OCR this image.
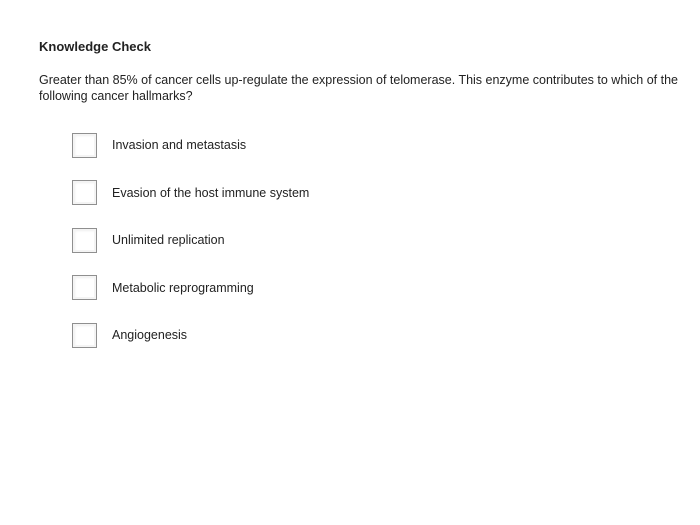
Knowledge Check
Greater than 85% of cancer cells up-regulate the expression of telomerase. This enzyme contributes to which of the following cancer hallmarks?
Invasion and metastasis
Evasion of the host immune system
Unlimited replication
Metabolic reprogramming
Angiogenesis
